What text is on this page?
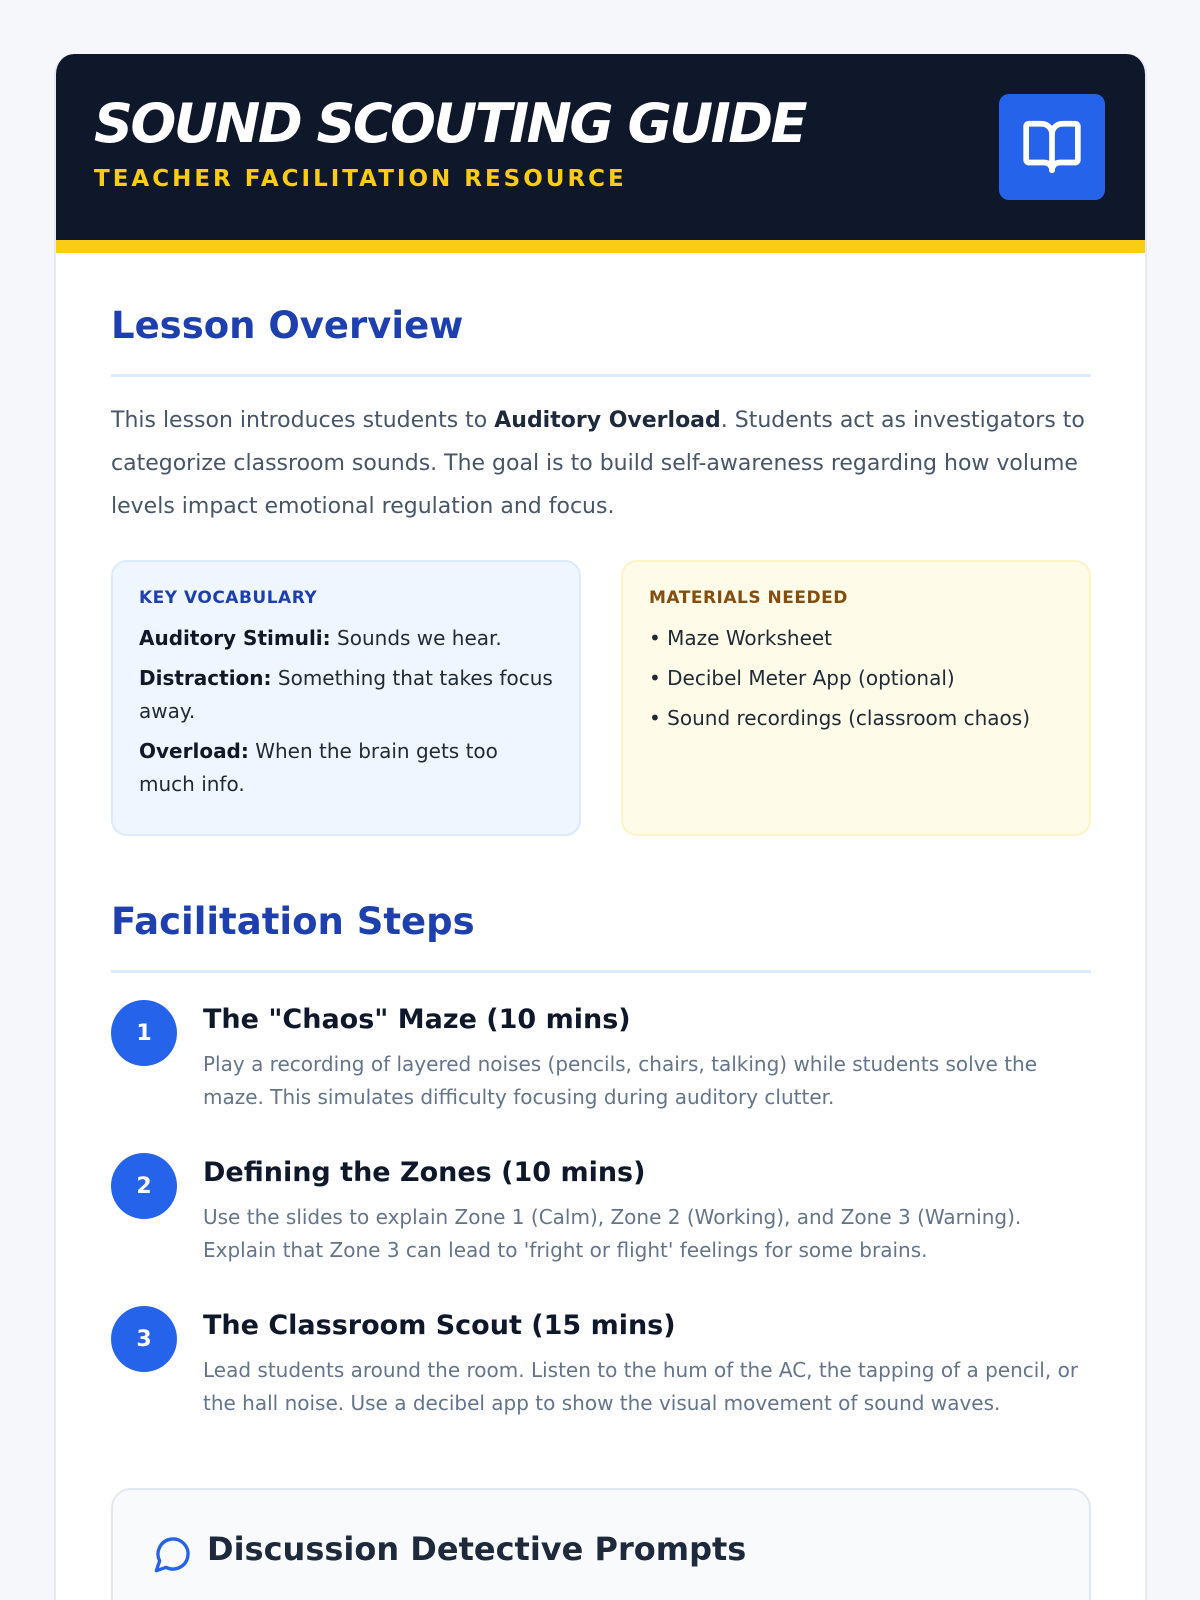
SOUND SCOUTING GUIDE
TEACHER FACILITATION RESOURCE
Lesson Overview

This lesson introduces students to Auditory Overload. Students act as investigators to categorize classroom sounds. The goal is to build self-awareness regarding how volume levels impact emotional regulation and focus.

KEY VOCABULARY
Auditory Stimuli: Sounds we hear.
Distraction: Something that takes focus away.
Overload: When the brain gets too much info.
MATERIALS NEEDED
• Maze Worksheet
• Decibel Meter App (optional)
• Sound recordings (classroom chaos)
Facilitation Steps
1	The "Chaos" Maze (10 mins)
Play a recording of layered noises (pencils, chairs, talking) while students solve the maze. This simulates difficulty focusing during auditory clutter.
2	Defining the Zones (10 mins)
Use the slides to explain Zone 1 (Calm), Zone 2 (Working), and Zone 3 (Warning). Explain that Zone 3 can lead to 'fright or flight' feelings for some brains.
3	The Classroom Scout (15 mins)
Lead students around the room. Listen to the hum of the AC, the tapping of a pencil, or the hall noise. Use a decibel app to show the visual movement of sound waves.
Discussion Detective Prompts
